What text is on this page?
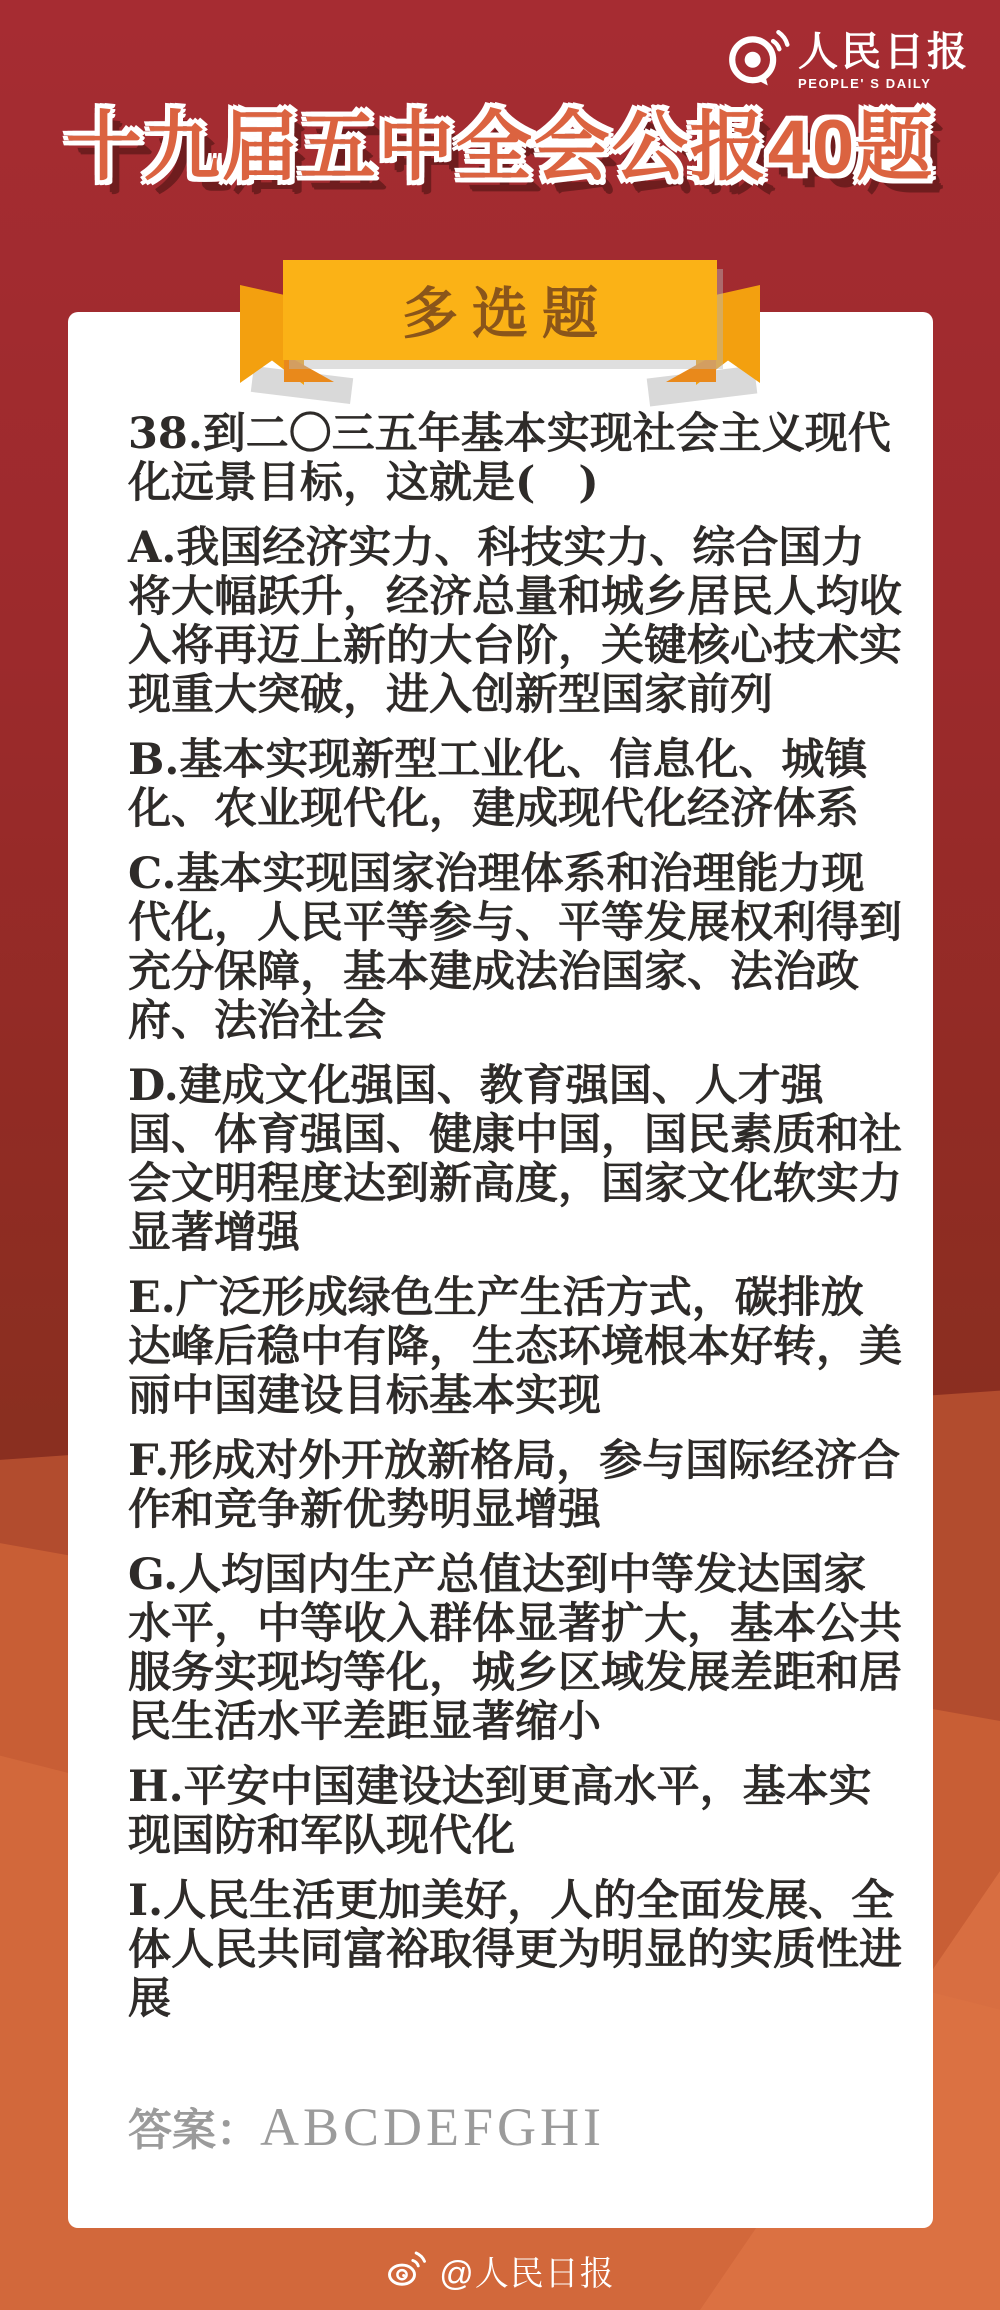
人民日报
PEOPLE' S DAILY
十九届五中全会公报40题
多选题

38.到二〇三五年基本实现社会主义现代化远景目标，这就是(　)

A.我国经济实力、科技实力、综合国力将大幅跃升，经济总量和城乡居民人均收入将再迈上新的大台阶，关键核心技术实现重大突破，进入创新型国家前列

B.基本实现新型工业化、信息化、城镇化、农业现代化，建成现代化经济体系

C.基本实现国家治理体系和治理能力现代化，人民平等参与、平等发展权利得到充分保障，基本建成法治国家、法治政府、法治社会

D.建成文化强国、教育强国、人才强国、体育强国、健康中国，国民素质和社会文明程度达到新高度，国家文化软实力显著增强

E.广泛形成绿色生产生活方式，碳排放达峰后稳中有降，生态环境根本好转，美丽中国建设目标基本实现

F.形成对外开放新格局，参与国际经济合作和竞争新优势明显增强

G.人均国内生产总值达到中等发达国家水平，中等收入群体显著扩大，基本公共服务实现均等化，城乡区域发展差距和居民生活水平差距显著缩小

H.平安中国建设达到更高水平，基本实现国防和军队现代化

I.人民生活更加美好，人的全面发展、全体人民共同富裕取得更为明显的实质性进展

答案： ABCDEFGHI
@人民日报
